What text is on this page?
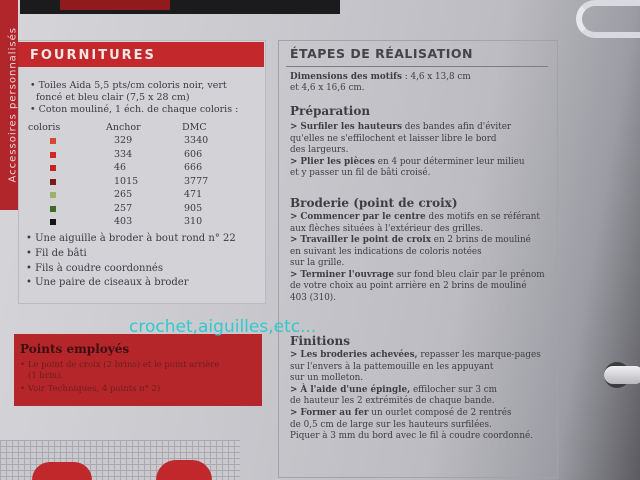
Accessoires personnalisés FOURNITURES
• Toiles Aida 5,5 pts/cm coloris noir, vert
foncé et bleu clair (7,5 x 28 cm)
• Coton mouliné, 1 éch. de chaque coloris :
coloris	Anchor	DMC
329	3340
334	606
46	666
1015	3777
265	471
257	905
403	310
• Une aiguille à broder à bout rond n° 22
• Fil de bâti
• Fils à coudre coordonnés
• Une paire de ciseaux à broder
Points employés
• Le point de croix (2 brins) et le point arrière
(1 brin).
• Voir Techniques, 4 points n° 2)
ÉTAPES DE RÉALISATION
Dimensions des motifs : 4,6 x 13,8 cm
et 4,6 x 16,6 cm.
Préparation
> Surfiler les hauteurs des bandes afin d'éviter
qu'elles ne s'effilochent et laisser libre le bord
des largeurs.
> Plier les pièces en 4 pour déterminer leur milieu
et y passer un fil de bâti croisé.
Broderie (point de croix)
> Commencer par le centre des motifs en se référant
aux flèches situées à l'extérieur des grilles.
> Travailler le point de croix en 2 brins de mouliné
en suivant les indications de coloris notées
sur la grille.
> Terminer l'ouvrage sur fond bleu clair par le prénom
de votre choix au point arrière en 2 brins de mouliné
403 (310).
Finitions
> Les broderies achevées, repasser les marque-pages
sur l'envers à la pattemouille en les appuyant
sur un molleton.
> À l'aide d'une épingle, effilocher sur 3 cm
de hauteur les 2 extrémités de chaque bande.
> Former au fer un ourlet composé de 2 rentrés
de 0,5 cm de large sur les hauteurs surfilées.
Piquer à 3 mm du bord avec le fil à coudre coordonné.
crochet,aiguilles,etc...
